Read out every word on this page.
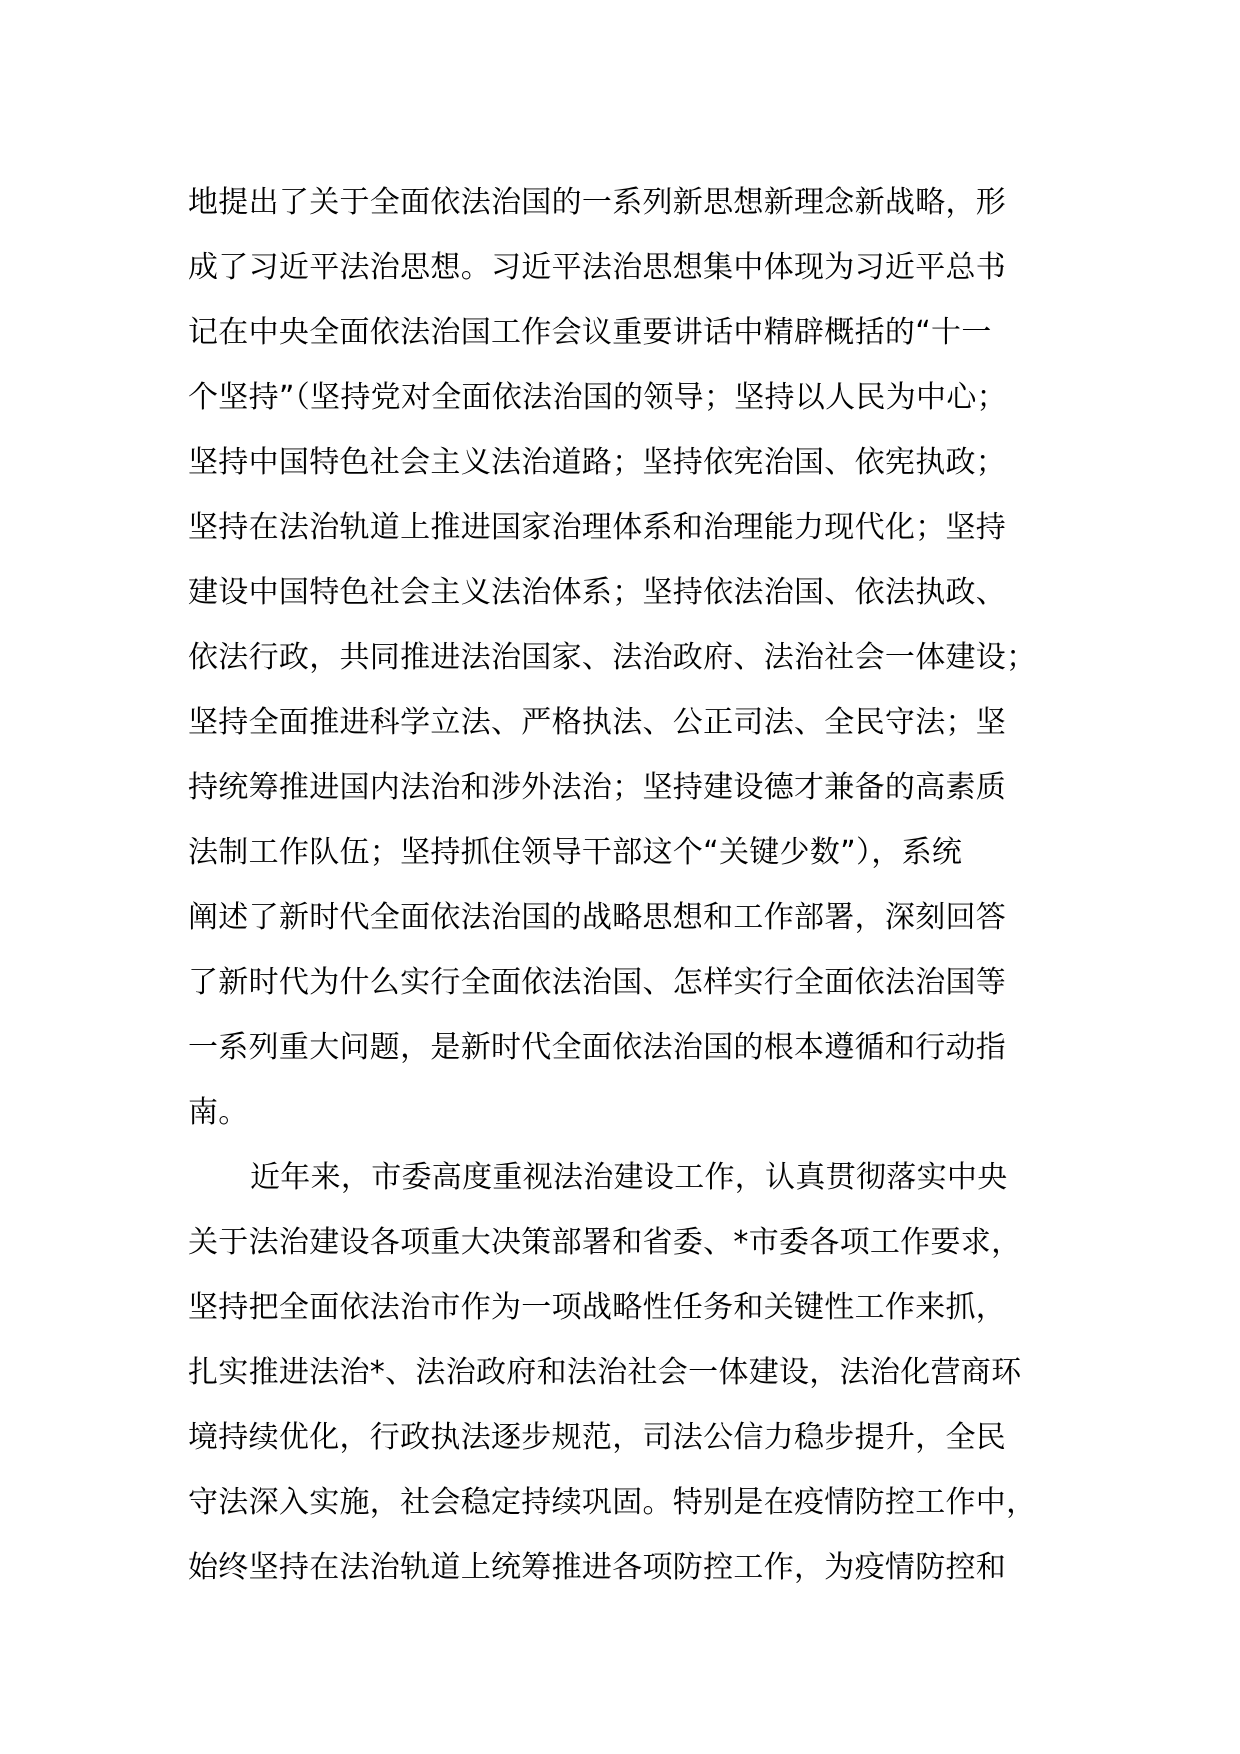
地提出了关于全面依法治国的一系列新思想新理念新战略，形
成了习近平法治思想。习近平法治思想集中体现为习近平总书
记在中央全面依法治国工作会议重要讲话中精辟概括的“十一
个坚持”（坚持党对全面依法治国的领导；坚持以人民为中心；
坚持中国特色社会主义法治道路；坚持依宪治国、依宪执政；
坚持在法治轨道上推进国家治理体系和治理能力现代化；坚持
建设中国特色社会主义法治体系；坚持依法治国、依法执政、
依法行政，共同推进法治国家、法治政府、法治社会一体建设；
坚持全面推进科学立法、严格执法、公正司法、全民守法；坚
持统筹推进国内法治和涉外法治；坚持建设德才兼备的高素质
法制工作队伍；坚持抓住领导干部这个“关键少数”），系统
阐述了新时代全面依法治国的战略思想和工作部署，深刻回答
了新时代为什么实行全面依法治国、怎样实行全面依法治国等
一系列重大问题，是新时代全面依法治国的根本遵循和行动指
南。
近年来，市委高度重视法治建设工作，认真贯彻落实中央
关于法治建设各项重大决策部署和省委、*市委各项工作要求，
坚持把全面依法治市作为一项战略性任务和关键性工作来抓，
扎实推进法治*、法治政府和法治社会一体建设，法治化营商环
境持续优化，行政执法逐步规范，司法公信力稳步提升，全民
守法深入实施，社会稳定持续巩固。特别是在疫情防控工作中，
始终坚持在法治轨道上统筹推进各项防控工作，为疫情防控和
